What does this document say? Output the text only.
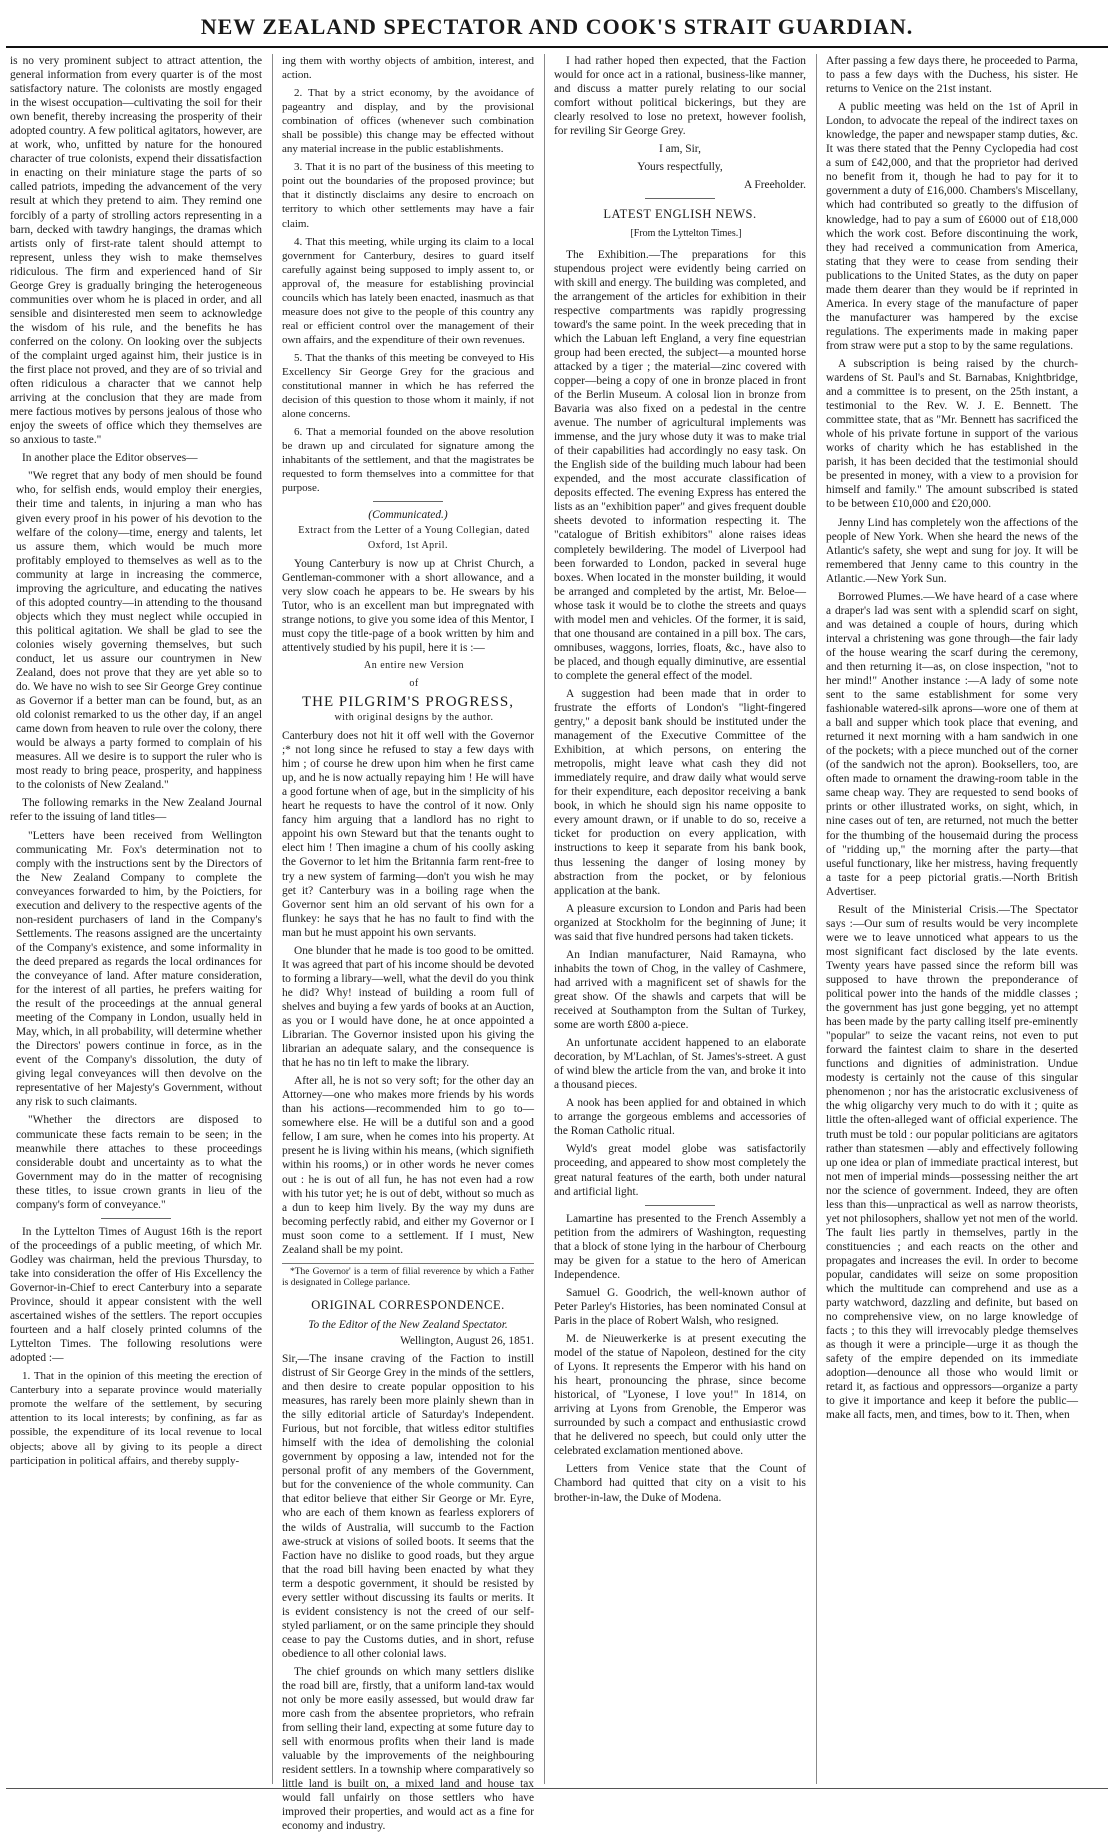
NEW ZEALAND SPECTATOR AND COOK'S STRAIT GUARDIAN.

is no very prominent subject to attract attention, the general information from every quarter is of the most satisfactory nature. The colonists are mostly engaged in the wisest occupation—cultivating the soil for their own benefit, thereby increasing the prosperity of their adopted country. A few political agitators, however, are at work, who, unfitted by nature for the honoured character of true colonists, expend their dissatisfaction in enacting on their miniature stage the parts of so called patriots, impeding the advancement of the very result at which they pretend to aim. They remind one forcibly of a party of strolling actors representing in a barn, decked with tawdry hangings, the dramas which artists only of first-rate talent should attempt to represent, unless they wish to make themselves ridiculous. The firm and experienced hand of Sir George Grey is gradually bringing the heterogeneous communities over whom he is placed in order, and all sensible and disinterested men seem to acknowledge the wisdom of his rule, and the benefits he has conferred on the colony. On looking over the subjects of the complaint urged against him, their justice is in the first place not proved, and they are of so trivial and often ridiculous a character that we cannot help arriving at the conclusion that they are made from mere factious motives by persons jealous of those who enjoy the sweets of office which they themselves are so anxious to taste."

In another place the Editor observes—

"We regret that any body of men should be found who, for selfish ends, would employ their energies, their time and talents, in injuring a man who has given every proof in his power of his devotion to the welfare of the colony—time, energy and talents, let us assure them, which would be much more profitably employed to themselves as well as to the community at large in increasing the commerce, improving the agriculture, and educating the natives of this adopted country—in attending to the thousand objects which they must neglect while occupied in this political agitation. We shall be glad to see the colonies wisely governing themselves, but such conduct, let us assure our countrymen in New Zealand, does not prove that they are yet able so to do. We have no wish to see Sir George Grey continue as Governor if a better man can be found, but, as an old colonist remarked to us the other day, if an angel came down from heaven to rule over the colony, there would be always a party formed to complain of his measures. All we desire is to support the ruler who is most ready to bring peace, prosperity, and happiness to the colonists of New Zealand."

The following remarks in the New Zealand Journal refer to the issuing of land titles—

"Letters have been received from Wellington communicating Mr. Fox's determination not to comply with the instructions sent by the Directors of the New Zealand Company to complete the conveyances forwarded to him, by the Poictiers, for execution and delivery to the respective agents of the non-resident purchasers of land in the Company's Settlements. The reasons assigned are the uncertainty of the Company's existence, and some informality in the deed prepared as regards the local ordinances for the conveyance of land. After mature consideration, for the interest of all parties, he prefers waiting for the result of the proceedings at the annual general meeting of the Company in London, usually held in May, which, in all probability, will determine whether the Directors' powers continue in force, as in the event of the Company's dissolution, the duty of giving legal conveyances will then devolve on the representative of her Majesty's Government, without any risk to such claimants.

"Whether the directors are disposed to communicate these facts remain to be seen; in the meanwhile there attaches to these proceedings considerable doubt and uncertainty as to what the Government may do in the matter of recognising these titles, to issue crown grants in lieu of the company's form of conveyance."

In the Lyttelton Times of August 16th is the report of the proceedings of a public meeting, of which Mr. Godley was chairman, held the previous Thursday, to take into consideration the offer of His Excellency the Governor-in-Chief to erect Canterbury into a separate Province, should it appear consistent with the well ascertained wishes of the settlers. The report occupies fourteen and a half closely printed columns of the Lyttelton Times. The following resolutions were adopted :—

1. That in the opinion of this meeting the erection of Canterbury into a separate province would materially promote the welfare of the settlement, by securing attention to its local interests; by confining, as far as possible, the expenditure of its local revenue to local objects; above all by giving to its people a direct participation in political affairs, and thereby supply-

ing them with worthy objects of ambition, interest, and action.

2. That by a strict economy, by the avoidance of pageantry and display, and by the provisional combination of offices (whenever such combination shall be possible) this change may be effected without any material increase in the public establishments.

3. That it is no part of the business of this meeting to point out the boundaries of the proposed province; but that it distinctly disclaims any desire to encroach on territory to which other settlements may have a fair claim.

4. That this meeting, while urging its claim to a local government for Canterbury, desires to guard itself carefully against being supposed to imply assent to, or approval of, the measure for establishing provincial councils which has lately been enacted, inasmuch as that measure does not give to the people of this country any real or efficient control over the management of their own affairs, and the expenditure of their own revenues.

5. That the thanks of this meeting be conveyed to His Excellency Sir George Grey for the gracious and constitutional manner in which he has referred the decision of this question to those whom it mainly, if not alone concerns.

6. That a memorial founded on the above resolution be drawn up and circulated for signature among the inhabitants of the settlement, and that the magistrates be requested to form themselves into a committee for that purpose.

(Communicated.)

Extract from the Letter of a Young Collegian, dated Oxford, 1st April.

Young Canterbury is now up at Christ Church, a Gentleman-commoner with a short allowance, and a very slow coach he appears to be. He swears by his Tutor, who is an excellent man but impregnated with strange notions, to give you some idea of this Mentor, I must copy the title-page of a book written by him and attentively studied by his pupil, here it is :—

An entire new Version

of

THE PILGRIM'S PROGRESS,

with original designs by the author.

Canterbury does not hit it off well with the Governor ;* not long since he refused to stay a few days with him ; of course he drew upon him when he first came up, and he is now actually repaying him ! He will have a good fortune when of age, but in the simplicity of his heart he requests to have the control of it now. Only fancy him arguing that a landlord has no right to appoint his own Steward but that the tenants ought to elect him ! Then imagine a chum of his coolly asking the Governor to let him the Britannia farm rent-free to try a new system of farming—don't you wish he may get it? Canterbury was in a boiling rage when the Governor sent him an old servant of his own for a flunkey: he says that he has no fault to find with the man but he must appoint his own servants.

One blunder that he made is too good to be omitted. It was agreed that part of his income should be devoted to forming a library—well, what the devil do you think he did? Why! instead of building a room full of shelves and buying a few yards of books at an Auction, as you or I would have done, he at once appointed a Librarian. The Governor insisted upon his giving the librarian an adequate salary, and the consequence is that he has no tin left to make the library.

After all, he is not so very soft; for the other day an Attorney—one who makes more friends by his words than his actions—recommended him to go to—somewhere else. He will be a dutiful son and a good fellow, I am sure, when he comes into his property. At present he is living within his means, (which signifieth within his rooms,) or in other words he never comes out : he is out of all fun, he has not even had a row with his tutor yet; he is out of debt, without so much as a dun to keep him lively. By the way my duns are becoming perfectly rabid, and either my Governor or I must soon come to a settlement. If I must, New Zealand shall be my point.

*The Governor' is a term of filial reverence by which a Father is designated in College parlance.

ORIGINAL CORRESPONDENCE.

To the Editor of the New Zealand Spectator.

Wellington, August 26, 1851.

Sir,—The insane craving of the Faction to instill distrust of Sir George Grey in the minds of the settlers, and then desire to create popular opposition to his measures, has rarely been more plainly shewn than in the silly editorial article of Saturday's Independent. Furious, but not forcible, that witless editor stultifies himself with the idea of demolishing the colonial government by opposing a law, intended not for the personal profit of any members of the Government, but for the convenience of the whole community. Can that editor believe that either Sir George or Mr. Eyre, who are each of them known as fearless explorers of the wilds of Australia, will succumb to the Faction awe-struck at visions of soiled boots. It seems that the Faction have no dislike to good roads, but they argue that the road bill having been enacted by what they term a despotic government, it should be resisted by every settler without discussing its faults or merits. It is evident consistency is not the creed of our self-styled parliament, or on the same principle they should cease to pay the Customs duties, and in short, refuse obedience to all other colonial laws.

The chief grounds on which many settlers dislike the road bill are, firstly, that a uniform land-tax would not only be more easily assessed, but would draw far more cash from the absentee proprietors, who refrain from selling their land, expecting at some future day to sell with enormous profits when their land is made valuable by the improvements of the neighbouring resident settlers. In a township where comparatively so little land is built on, a mixed land and house tax would fall unfairly on those settlers who have improved their properties, and would act as a fine for economy and industry.

I had rather hoped then expected, that the Faction would for once act in a rational, business-like manner, and discuss a matter purely relating to our social comfort without political bickerings, but they are clearly resolved to lose no pretext, however foolish, for reviling Sir George Grey.

I am, Sir,

Yours respectfully,

A Freeholder.

LATEST ENGLISH NEWS.

[From the Lyttelton Times.]

The Exhibition.—The preparations for this stupendous project were evidently being carried on with skill and energy. The building was completed, and the arrangement of the articles for exhibition in their respective compartments was rapidly progressing toward's the same point. In the week preceding that in which the Labuan left England, a very fine equestrian group had been erected, the subject—a mounted horse attacked by a tiger ; the material—zinc covered with copper—being a copy of one in bronze placed in front of the Berlin Museum. A colosal lion in bronze from Bavaria was also fixed on a pedestal in the centre avenue. The number of agricultural implements was immense, and the jury whose duty it was to make trial of their capabilities had accordingly no easy task. On the English side of the building much labour had been expended, and the most accurate classification of deposits effected. The evening Express has entered the lists as an "exhibition paper" and gives frequent double sheets devoted to information respecting it. The "catalogue of British exhibitors" alone raises ideas completely bewildering. The model of Liverpool had been forwarded to London, packed in several huge boxes. When located in the monster building, it would be arranged and completed by the artist, Mr. Beloe—whose task it would be to clothe the streets and quays with model men and vehicles. Of the former, it is said, that one thousand are contained in a pill box. The cars, omnibuses, waggons, lorries, floats, &c., have also to be placed, and though equally diminutive, are essential to complete the general effect of the model.

A suggestion had been made that in order to frustrate the efforts of London's "light-fingered gentry," a deposit bank should be instituted under the management of the Executive Committee of the Exhibition, at which persons, on entering the metropolis, might leave what cash they did not immediately require, and draw daily what would serve for their expenditure, each depositor receiving a bank book, in which he should sign his name opposite to every amount drawn, or if unable to do so, receive a ticket for production on every application, with instructions to keep it separate from his bank book, thus lessening the danger of losing money by abstraction from the pocket, or by felonious application at the bank.

A pleasure excursion to London and Paris had been organized at Stockholm for the beginning of June; it was said that five hundred persons had taken tickets.

An Indian manufacturer, Naid Ramayna, who inhabits the town of Chog, in the valley of Cashmere, had arrived with a magnificent set of shawls for the great show. Of the shawls and carpets that will be received at Southampton from the Sultan of Turkey, some are worth £800 a-piece.

An unfortunate accident happened to an elaborate decoration, by M'Lachlan, of St. James's-street. A gust of wind blew the article from the van, and broke it into a thousand pieces.

A nook has been applied for and obtained in which to arrange the gorgeous emblems and accessories of the Roman Catholic ritual.

Wyld's great model globe was satisfactorily proceeding, and appeared to show most completely the great natural features of the earth, both under natural and artificial light.

Lamartine has presented to the French Assembly a petition from the admirers of Washington, requesting that a block of stone lying in the harbour of Cherbourg may be given for a statue to the hero of American Independence.

Samuel G. Goodrich, the well-known author of Peter Parley's Histories, has been nominated Consul at Paris in the place of Robert Walsh, who resigned.

M. de Nieuwerkerke is at present executing the model of the statue of Napoleon, destined for the city of Lyons. It represents the Emperor with his hand on his heart, pronouncing the phrase, since become historical, of "Lyonese, I love you!" In 1814, on arriving at Lyons from Grenoble, the Emperor was surrounded by such a compact and enthusiastic crowd that he delivered no speech, but could only utter the celebrated exclamation mentioned above.

Letters from Venice state that the Count of Chambord had quitted that city on a visit to his brother-in-law, the Duke of Modena.

After passing a few days there, he proceeded to Parma, to pass a few days with the Duchess, his sister. He returns to Venice on the 21st instant.

A public meeting was held on the 1st of April in London, to advocate the repeal of the indirect taxes on knowledge, the paper and newspaper stamp duties, &c. It was there stated that the Penny Cyclopedia had cost a sum of £42,000, and that the proprietor had derived no benefit from it, though he had to pay for it to government a duty of £16,000. Chambers's Miscellany, which had contributed so greatly to the diffusion of knowledge, had to pay a sum of £6000 out of £18,000 which the work cost. Before discontinuing the work, they had received a communication from America, stating that they were to cease from sending their publications to the United States, as the duty on paper made them dearer than they would be if reprinted in America. In every stage of the manufacture of paper the manufacturer was hampered by the excise regulations. The experiments made in making paper from straw were put a stop to by the same regulations.

A subscription is being raised by the church-wardens of St. Paul's and St. Barnabas, Knightbridge, and a committee is to present, on the 25th instant, a testimonial to the Rev. W. J. E. Bennett. The committee state, that as "Mr. Bennett has sacrificed the whole of his private fortune in support of the various works of charity which he has established in the parish, it has been decided that the testimonial should be presented in money, with a view to a provision for himself and family." The amount subscribed is stated to be between £10,000 and £20,000.

Jenny Lind has completely won the affections of the people of New York. When she heard the news of the Atlantic's safety, she wept and sung for joy. It will be remembered that Jenny came to this country in the Atlantic.—New York Sun.

Borrowed Plumes.—We have heard of a case where a draper's lad was sent with a splendid scarf on sight, and was detained a couple of hours, during which interval a christening was gone through—the fair lady of the house wearing the scarf during the ceremony, and then returning it—as, on close inspection, "not to her mind!" Another instance :—A lady of some note sent to the same establishment for some very fashionable watered-silk aprons—wore one of them at a ball and supper which took place that evening, and returned it next morning with a ham sandwich in one of the pockets; with a piece munched out of the corner (of the sandwich not the apron). Booksellers, too, are often made to ornament the drawing-room table in the same cheap way. They are requested to send books of prints or other illustrated works, on sight, which, in nine cases out of ten, are returned, not much the better for the thumbing of the housemaid during the process of "ridding up," the morning after the party—that useful functionary, like her mistress, having frequently a taste for a peep pictorial gratis.—North British Advertiser.

Result of the Ministerial Crisis.—The Spectator says :—Our sum of results would be very incomplete were we to leave unnoticed what appears to us the most significant fact disclosed by the late events. Twenty years have passed since the reform bill was supposed to have thrown the preponderance of political power into the hands of the middle classes ; the government has just gone begging, yet no attempt has been made by the party calling itself pre-eminently "popular" to seize the vacant reins, not even to put forward the faintest claim to share in the deserted functions and dignities of administration. Undue modesty is certainly not the cause of this singular phenomenon ; nor has the aristocratic exclusiveness of the whig oligarchy very much to do with it ; quite as little the often-alleged want of official experience. The truth must be told : our popular politicians are agitators rather than statesmen —ably and effectively following up one idea or plan of immediate practical interest, but not men of imperial minds—possessing neither the art nor the science of government. Indeed, they are often less than this—unpractical as well as narrow theorists, yet not philosophers, shallow yet not men of the world. The fault lies partly in themselves, partly in the constituencies ; and each reacts on the other and propagates and increases the evil. In order to become popular, candidates will seize on some proposition which the multitude can comprehend and use as a party watchword, dazzling and definite, but based on no comprehensive view, on no large knowledge of facts ; to this they will irrevocably pledge themselves as though it were a principle—urge it as though the safety of the empire depended on its immediate adoption—denounce all those who would limit or retard it, as factious and oppressors—organize a party to give it importance and keep it before the public—make all facts, men, and times, bow to it. Then, when
